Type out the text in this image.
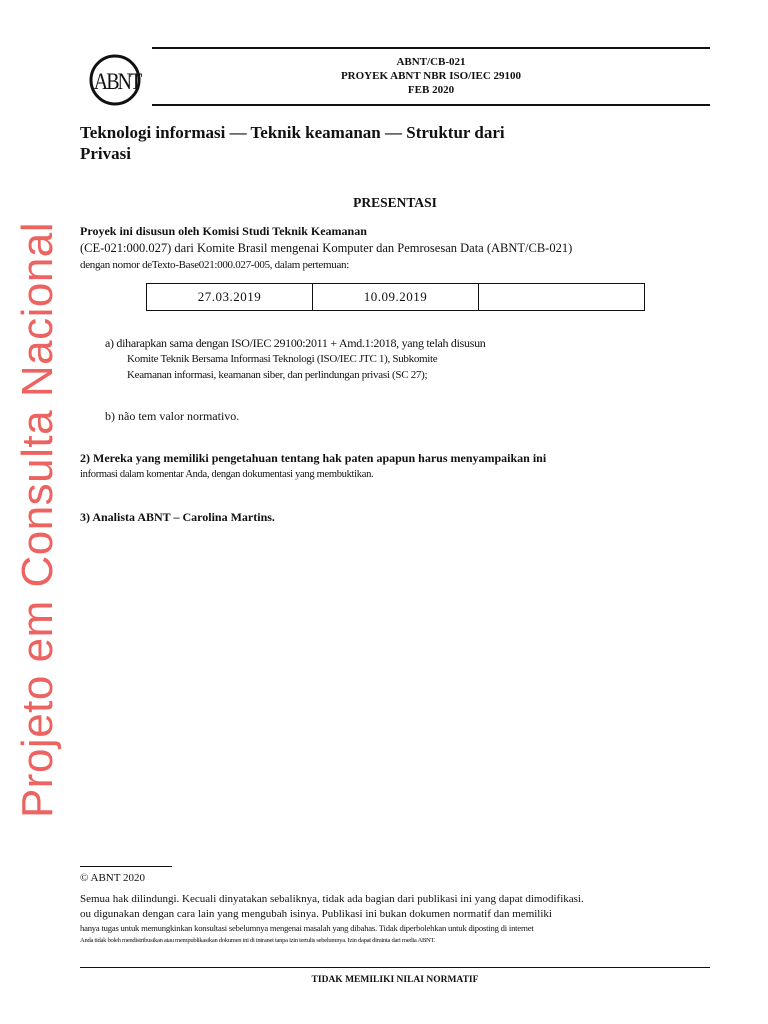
ABNT
ABNT/CB-021
PROYEK ABNT NBR ISO/IEC 29100
FEB 2020
Teknologi informasi — Teknik keamanan — Struktur dari
Privasi
PRESENTASI
Proyek ini disusun oleh Komisi Studi Teknik Keamanan
(CE-021:000.027) dari Komite Brasil mengenai Komputer dan Pemrosesan Data (ABNT/CB-021)
dengan nomor deTexto-Base021:000.027-005, dalam pertemuan:
27.03.2019	10.09.2019	
a) diharapkan sama dengan ISO/IEC 29100:2011 + Amd.1:2018, yang telah disusun
Komite Teknik Bersama Informasi Teknologi (ISO/IEC JTC 1), Subkomite
Keamanan informasi, keamanan siber, dan perlindungan privasi (SC 27);
b) não tem valor normativo.
2) Mereka yang memiliki pengetahuan tentang hak paten apapun harus menyampaikan ini
informasi dalam komentar Anda, dengan dokumentasi yang membuktikan.
3) Analista ABNT – Carolina Martins.
Projeto em Consulta Nacional
© ABNT 2020
Semua hak dilindungi. Kecuali dinyatakan sebaliknya, tidak ada bagian dari publikasi ini yang dapat dimodifikasi.
ou digunakan dengan cara lain yang mengubah isinya. Publikasi ini bukan dokumen normatif dan memiliki
hanya tugas untuk memungkinkan konsultasi sebelumnya mengenai masalah yang dibahas. Tidak diperbolehkan untuk diposting di internet
Anda tidak boleh mendistribusikan atau mempublikasikan dokumen ini di intranet tanpa izin tertulis sebelumnya. Izin dapat diminta dari media ABNT.
TIDAK MEMILIKI NILAI NORMATIF
